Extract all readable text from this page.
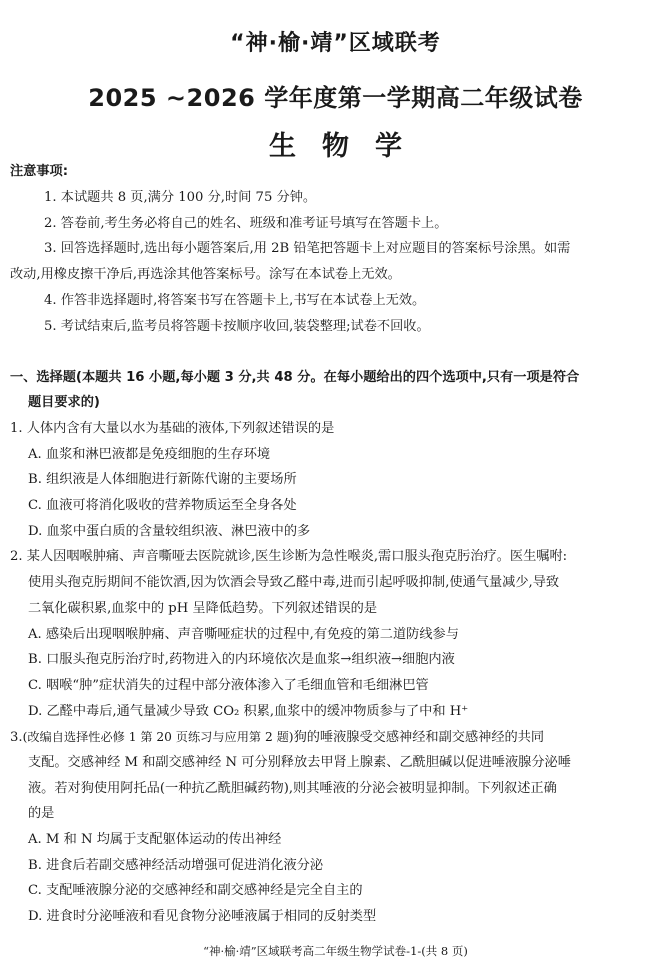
“神·榆·靖”区域联考
2025 ~2026 学年度第一学期高二年级试卷
生物学
注意事项:
1. 本试题共 8 页,满分 100 分,时间 75 分钟。
2. 答卷前,考生务必将自己的姓名、班级和准考证号填写在答题卡上。
3. 回答选择题时,选出每小题答案后,用 2B 铅笔把答题卡上对应题目的答案标号涂黑。如需
改动,用橡皮擦干净后,再选涂其他答案标号。涂写在本试卷上无效。
4. 作答非选择题时,将答案书写在答题卡上,书写在本试卷上无效。
5. 考试结束后,监考员将答题卡按顺序收回,装袋整理;试卷不回收。
一、选择题(本题共 16 小题,每小题 3 分,共 48 分。在每小题给出的四个选项中,只有一项是符合
题目要求的)
1. 人体内含有大量以水为基础的液体,下列叙述错误的是
A. 血浆和淋巴液都是免疫细胞的生存环境
B. 组织液是人体细胞进行新陈代谢的主要场所
C. 血液可将消化吸收的营养物质运至全身各处
D. 血浆中蛋白质的含量较组织液、淋巴液中的多
2. 某人因咽喉肿痛、声音嘶哑去医院就诊,医生诊断为急性喉炎,需口服头孢克肟治疗。医生嘱咐:
使用头孢克肟期间不能饮酒,因为饮酒会导致乙醛中毒,进而引起呼吸抑制,使通气量减少,导致
二氧化碳积累,血浆中的 pH 呈降低趋势。下列叙述错误的是
A. 感染后出现咽喉肿痛、声音嘶哑症状的过程中,有免疫的第二道防线参与
B. 口服头孢克肟治疗时,药物进入的内环境依次是血浆→组织液→细胞内液
C. 咽喉“肿”症状消失的过程中部分液体渗入了毛细血管和毛细淋巴管
D. 乙醛中毒后,通气量减少导致 CO₂ 积累,血浆中的缓冲物质参与了中和 H⁺
3.(改编自选择性必修 1 第 20 页练习与应用第 2 题)狗的唾液腺受交感神经和副交感神经的共同
支配。交感神经 M 和副交感神经 N 可分别释放去甲肾上腺素、乙酰胆碱以促进唾液腺分泌唾
液。若对狗使用阿托品(一种抗乙酰胆碱药物),则其唾液的分泌会被明显抑制。下列叙述正确
的是
A. M 和 N 均属于支配躯体运动的传出神经
B. 进食后若副交感神经活动增强可促进消化液分泌
C. 支配唾液腺分泌的交感神经和副交感神经是完全自主的
D. 进食时分泌唾液和看见食物分泌唾液属于相同的反射类型
“神·榆·靖”区域联考高二年级生物学试卷-1-(共 8 页)
